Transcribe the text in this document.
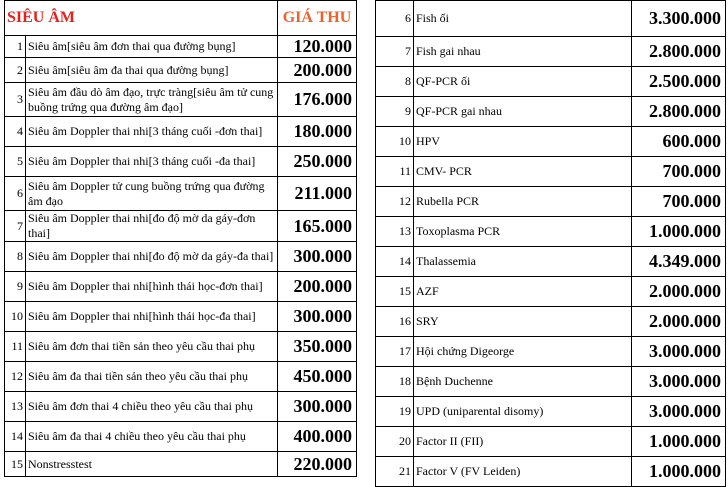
SIÊU ÂM		GIÁ THU
1	Siêu âm[siêu âm đơn thai qua đường bụng]	120.000
2	Siêu âm[siêu âm đa thai qua đường bụng]	200.000
3	Siêu âm đầu dò âm đạo, trực tràng[siêu âm tử cung buồng trứng qua đường âm đạo]	176.000
4	Siêu âm Doppler thai nhi[3 tháng cuối -đơn thai]	180.000
5	Siêu âm Doppler thai nhi[3 tháng cuối -đa thai]	250.000
6	Siêu âm Doppler tử cung buồng trứng qua đường âm đạo	211.000
7	Siêu âm Doppler thai nhi[đo độ mờ da gáy-đơn thai]	165.000
8	Siêu âm Doppler thai nhi[đo độ mờ da gáy-đa thai]	300.000
9	Siêu âm Doppler thai nhi[hình thái học-đơn thai]	200.000
10	Siêu âm Doppler thai nhi[hình thái học-đa thai]	300.000
11	Siêu âm đơn thai tiền sản theo yêu cầu thai phụ	350.000
12	Siêu âm đa thai tiền sản theo yêu cầu thai phụ	450.000
13	Siêu âm đơn thai 4 chiều theo yêu cầu thai phụ	300.000
14	Siêu âm đa thai 4 chiều theo yêu cầu thai phụ	400.000
15	Nonstresstest	220.000
6	Fish ối	3.300.000
7	Fish gai nhau	2.800.000
8	QF-PCR ối	2.500.000
9	QF-PCR gai nhau	2.800.000
10	HPV	600.000
11	CMV- PCR	700.000
12	Rubella PCR	700.000
13	Toxoplasma PCR	1.000.000
14	Thalassemia	4.349.000
15	AZF	2.000.000
16	SRY	2.000.000
17	Hội chứng Digeorge	3.000.000
18	Bệnh Duchenne	3.000.000
19	UPD (uniparental disomy)	3.000.000
20	Factor II (FII)	1.000.000
21	Factor V (FV Leiden)	1.000.000
